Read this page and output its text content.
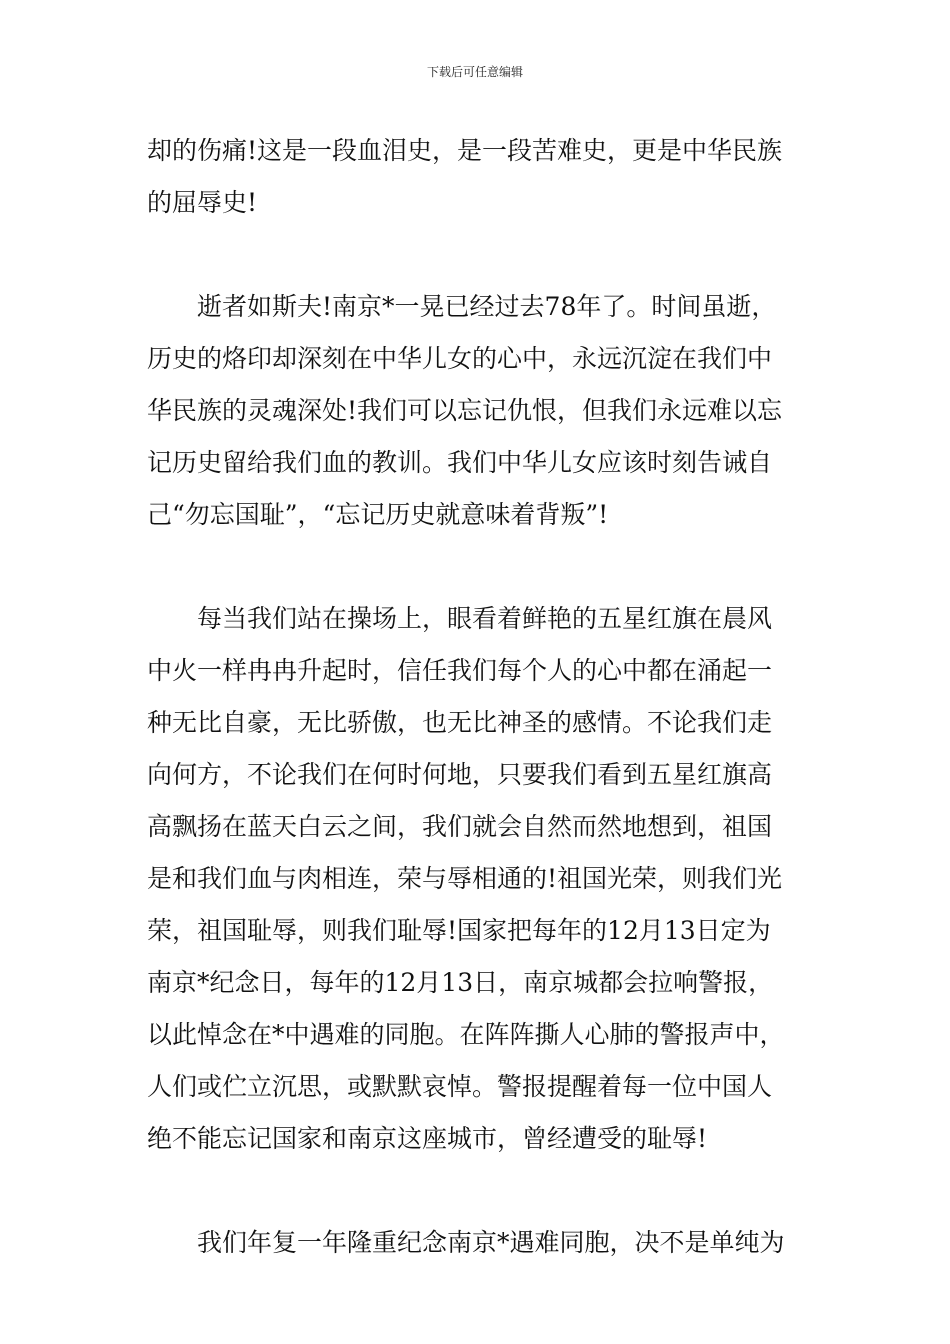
下载后可任意编辑
却的伤痛!这是一段血泪史，是一段苦难史，更是中华民族
的屈辱史!
逝者如斯夫!南京*一晃已经过去78年了。时间虽逝，
历史的烙印却深刻在中华儿女的心中，永远沉淀在我们中
华民族的灵魂深处!我们可以忘记仇恨，但我们永远难以忘
记历史留给我们血的教训。我们中华儿女应该时刻告诫自
己“勿忘国耻”，“忘记历史就意味着背叛”!
每当我们站在操场上，眼看着鲜艳的五星红旗在晨风
中火一样冉冉升起时，信任我们每个人的心中都在涌起一
种无比自豪，无比骄傲，也无比神圣的感情。不论我们走
向何方，不论我们在何时何地，只要我们看到五星红旗高
高飘扬在蓝天白云之间，我们就会自然而然地想到，祖国
是和我们血与肉相连，荣与辱相通的!祖国光荣，则我们光
荣，祖国耻辱，则我们耻辱!国家把每年的12月13日定为
南京*纪念日，每年的12月13日，南京城都会拉响警报，
以此悼念在*中遇难的同胞。在阵阵撕人心肺的警报声中，
人们或伫立沉思，或默默哀悼。警报提醒着每一位中国人
绝不能忘记国家和南京这座城市，曾经遭受的耻辱!
我们年复一年隆重纪念南京*遇难同胞，决不是单纯为
